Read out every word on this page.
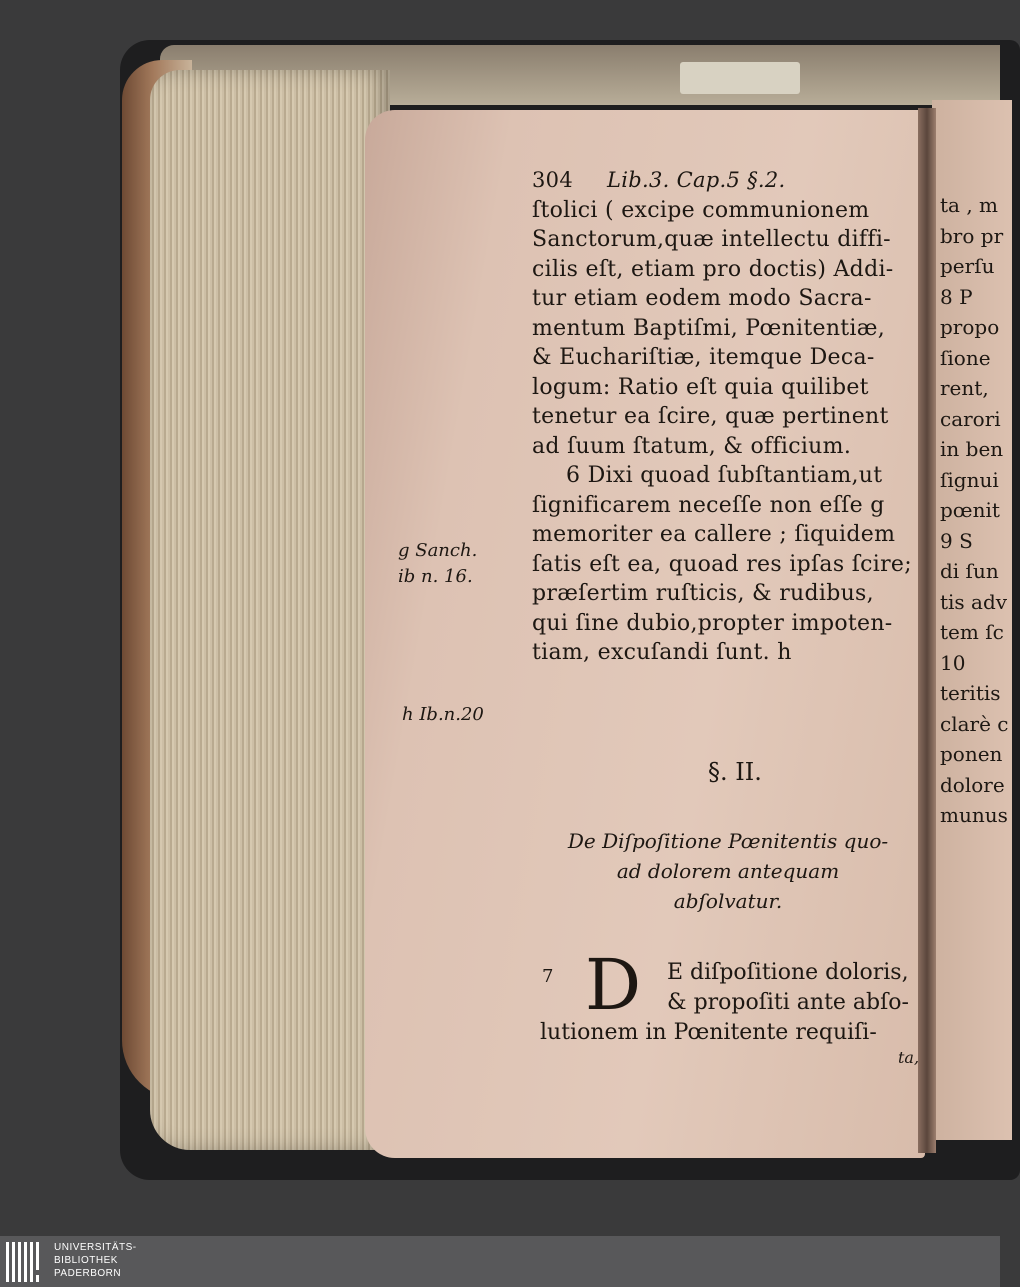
304 Lib.3. Cap.5 §.2.
ſtolici ( excipe communionem
Sanctorum,quæ intellectu diffi-
cilis eſt, etiam pro doctis) Addi-
tur etiam eodem modo Sacra-
mentum Baptiſmi, Pœnitentiæ,
& Euchariſtiæ, itemque Deca-
logum: Ratio eſt quia quilibet
tenetur ea ſcire, quæ pertinent
ad ſuum ſtatum, & officium.
6 Dixi quoad ſubſtantiam,ut
ſignificarem neceſſe non eſſe g
memoriter ea callere ; ſiquidem
ſatis eſt ea, quoad res ipſas ſcire;
præſertim ruſticis, & rudibus,
qui ſine dubio,propter impoten-
tiam, excuſandi ſunt. h
g Sanch.
ib n. 16.
h Ib.n.20
§. II.
De Diſpoſitione Pœnitentis quo-
ad dolorem antequam
abſolvatur.
7 D E diſpoſitione doloris,
& propoſiti ante abſo-
lutionem in Pœnitente requiſi-
ta,
ta , m
bro pr
perſu
8 P
propo
ſione
rent,
carori
in ben
ſignui
pœnit
9 S
di ſun
tis adv
tem ſc
10
teritis
clarè c
ponen
dolore
munus
UNIVERSITÄTS-
BIBLIOTHEK
PADERBORN
